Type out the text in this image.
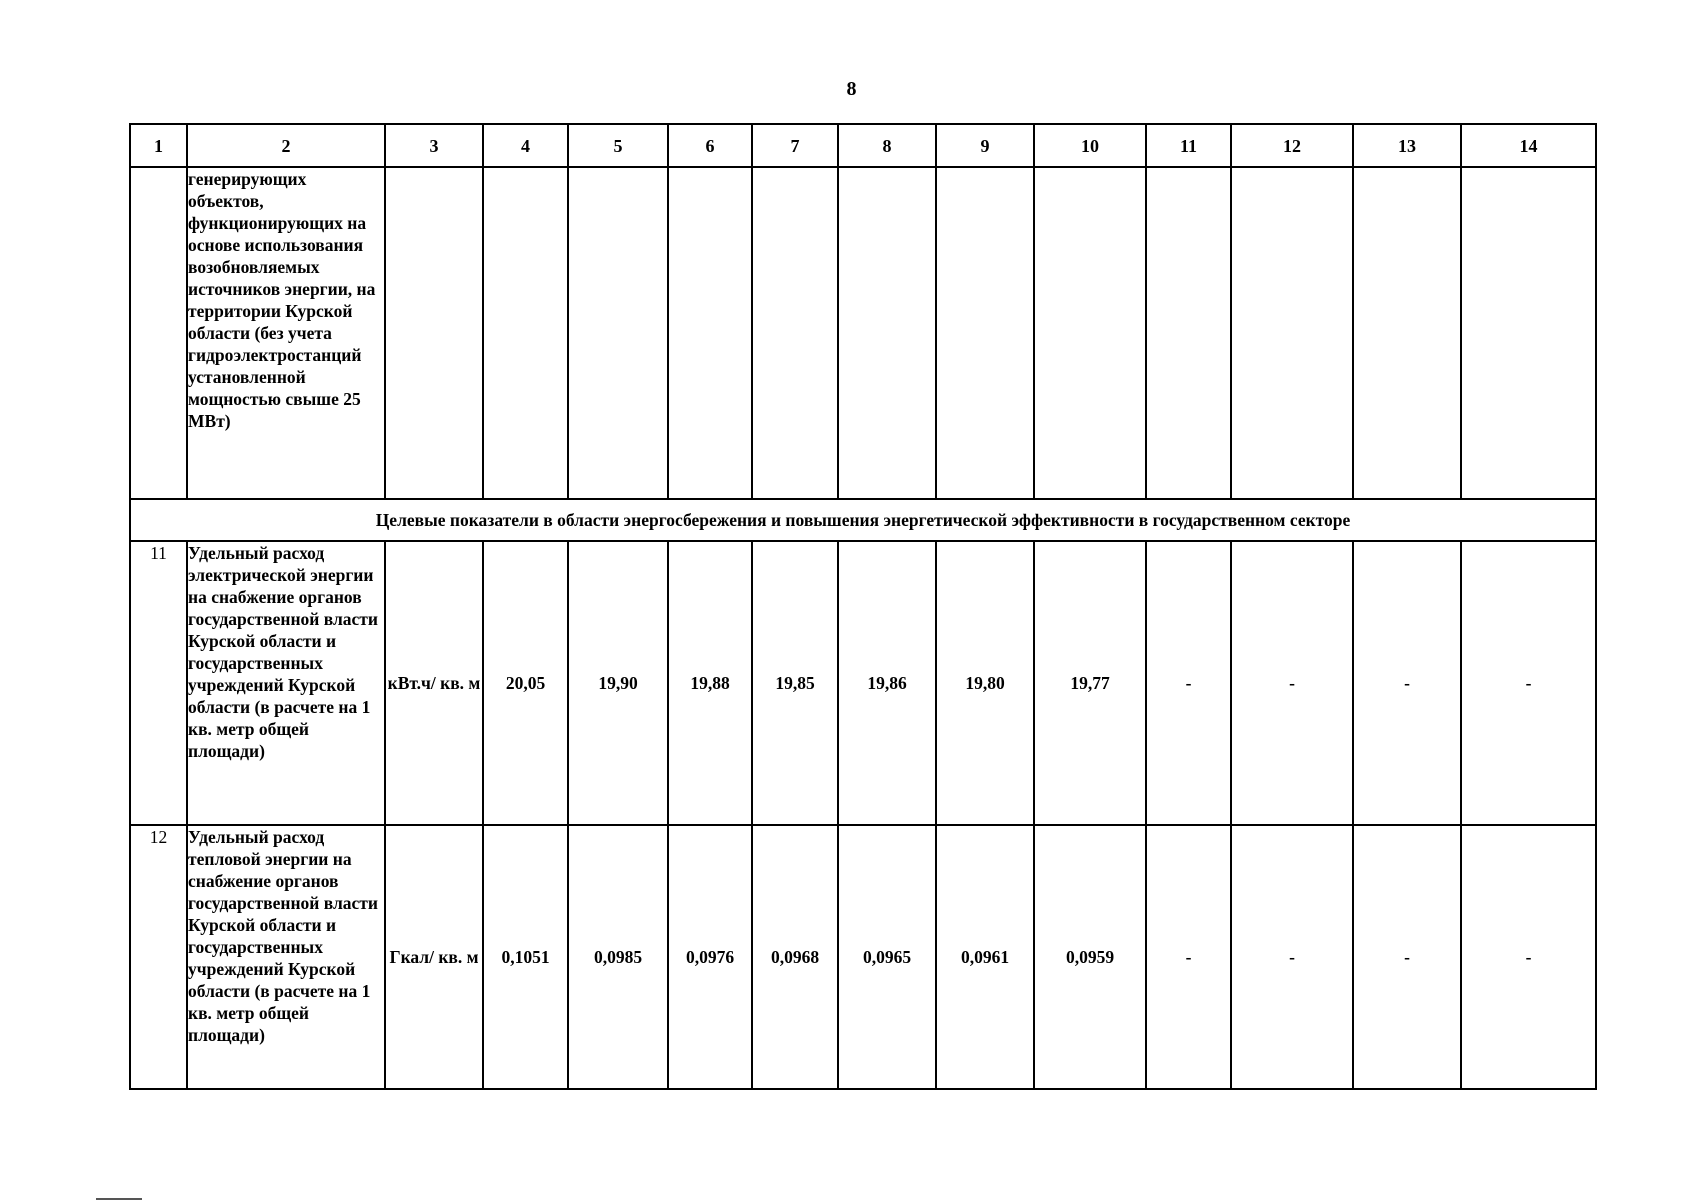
8
1	2	3	4	5	6	7	8	9	10	11	12	13	14
	генерирующих объектов, функционирующих на основе использования возобновляемых источников энергии, на территории Курской области (без учета гидроэлектростанций установленной мощностью свыше 25 МВт)												
Целевые показатели в области энергосбережения и повышения энергетической эффективности в государственном секторе													
11	Удельный расход электрической энергии на снабжение органов государственной власти Курской области и государственных учреждений Курской области (в расчете на 1 кв. метр общей площади)	кВт.ч/ кв. м	20,05	19,90	19,88	19,85	19,86	19,80	19,77	-	-	-	-
12	Удельный расход тепловой энергии на снабжение органов государственной власти Курской области и государственных учреждений Курской области (в расчете на 1 кв. метр общей площади)	Гкал/ кв. м	0,1051	0,0985	0,0976	0,0968	0,0965	0,0961	0,0959	-	-	-	-
